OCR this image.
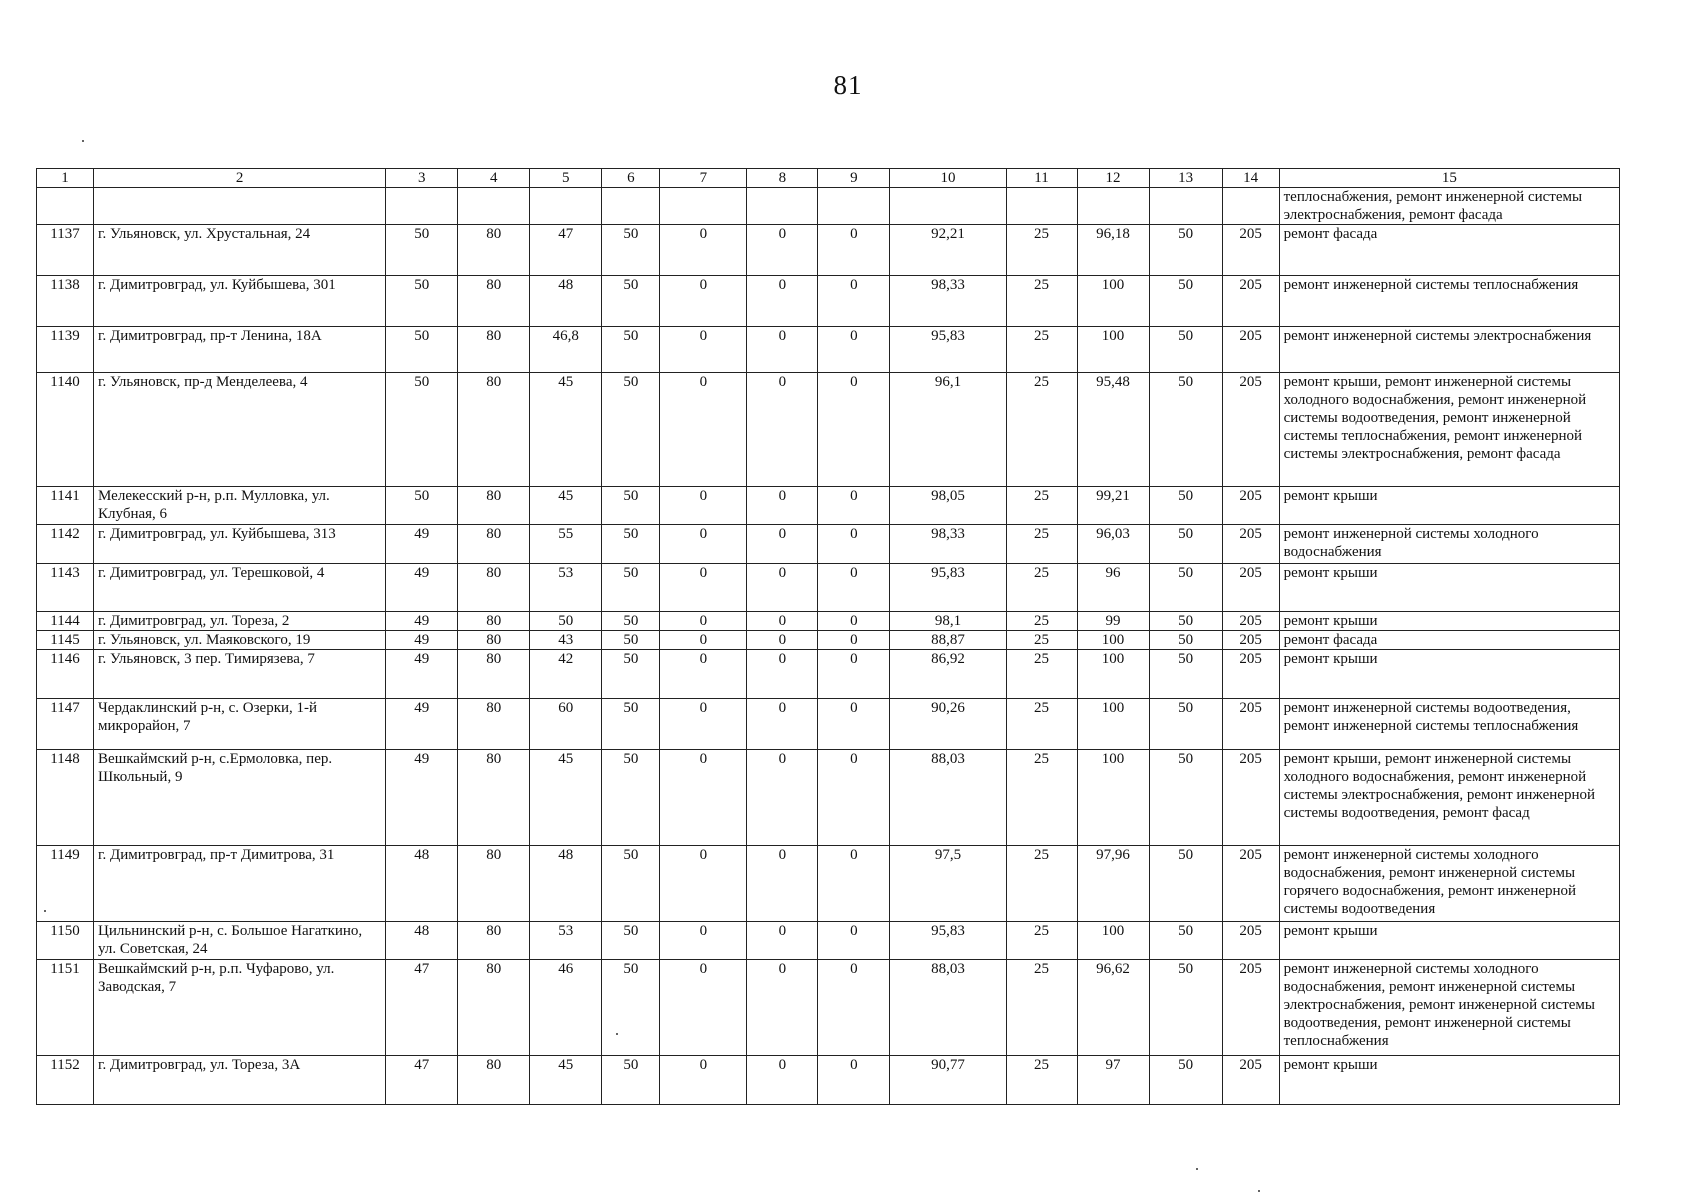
81
1	2	3	4	5	6	7	8	9	10	11	12	13	14	15
														теплоснабжения, ремонт инженерной системы электроснабжения, ремонт фасада
1137	г. Ульяновск, ул. Хрустальная, 24	50	80	47	50	0	0	0	92,21	25	96,18	50	205	ремонт фасада
1138	г. Димитровград, ул. Куйбышева, 301	50	80	48	50	0	0	0	98,33	25	100	50	205	ремонт инженерной системы теплоснабжения
1139	г. Димитровград, пр-т Ленина, 18А	50	80	46,8	50	0	0	0	95,83	25	100	50	205	ремонт инженерной системы электроснабжения
1140	г. Ульяновск, пр-д Менделеева, 4	50	80	45	50	0	0	0	96,1	25	95,48	50	205	ремонт крыши, ремонт инженерной системы холодного водоснабжения, ремонт инженерной системы водоотведения, ремонт инженерной системы теплоснабжения, ремонт инженерной системы электроснабжения, ремонт фасада
1141	Мелекесский р-н, р.п. Мулловка, ул. Клубная, 6	50	80	45	50	0	0	0	98,05	25	99,21	50	205	ремонт крыши
1142	г. Димитровград, ул. Куйбышева, 313	49	80	55	50	0	0	0	98,33	25	96,03	50	205	ремонт инженерной системы холодного водоснабжения
1143	г. Димитровград, ул. Терешковой, 4	49	80	53	50	0	0	0	95,83	25	96	50	205	ремонт крыши
1144	г. Димитровград, ул. Тореза, 2	49	80	50	50	0	0	0	98,1	25	99	50	205	ремонт крыши
1145	г. Ульяновск, ул. Маяковского, 19	49	80	43	50	0	0	0	88,87	25	100	50	205	ремонт фасада
1146	г. Ульяновск, 3 пер. Тимирязева, 7	49	80	42	50	0	0	0	86,92	25	100	50	205	ремонт крыши
1147	Чердаклинский р-н, с. Озерки, 1-й микрорайон, 7	49	80	60	50	0	0	0	90,26	25	100	50	205	ремонт инженерной системы водоотведения, ремонт инженерной системы теплоснабжения
1148	Вешкаймский р-н, с.Ермоловка, пер. Школьный, 9	49	80	45	50	0	0	0	88,03	25	100	50	205	ремонт крыши, ремонт инженерной системы холодного водоснабжения, ремонт инженерной системы электроснабжения, ремонт инженерной системы водоотведения, ремонт фасад
1149	г. Димитровград, пр-т Димитрова, 31	48	80	48	50	0	0	0	97,5	25	97,96	50	205	ремонт инженерной системы холодного водоснабжения, ремонт инженерной системы горячего водоснабжения, ремонт инженерной системы водоотведения
1150	Цильнинский р-н, с. Большое Нагаткино, ул. Советская, 24	48	80	53	50	0	0	0	95,83	25	100	50	205	ремонт крыши
1151	Вешкаймский р-н, р.п. Чуфарово, ул. Заводская, 7	47	80	46	50	0	0	0	88,03	25	96,62	50	205	ремонт инженерной системы холодного водоснабжения, ремонт инженерной системы электроснабжения, ремонт инженерной системы водоотведения, ремонт инженерной системы теплоснабжения
1152	г. Димитровград, ул. Тореза, 3А	47	80	45	50	0	0	0	90,77	25	97	50	205	ремонт крыши
